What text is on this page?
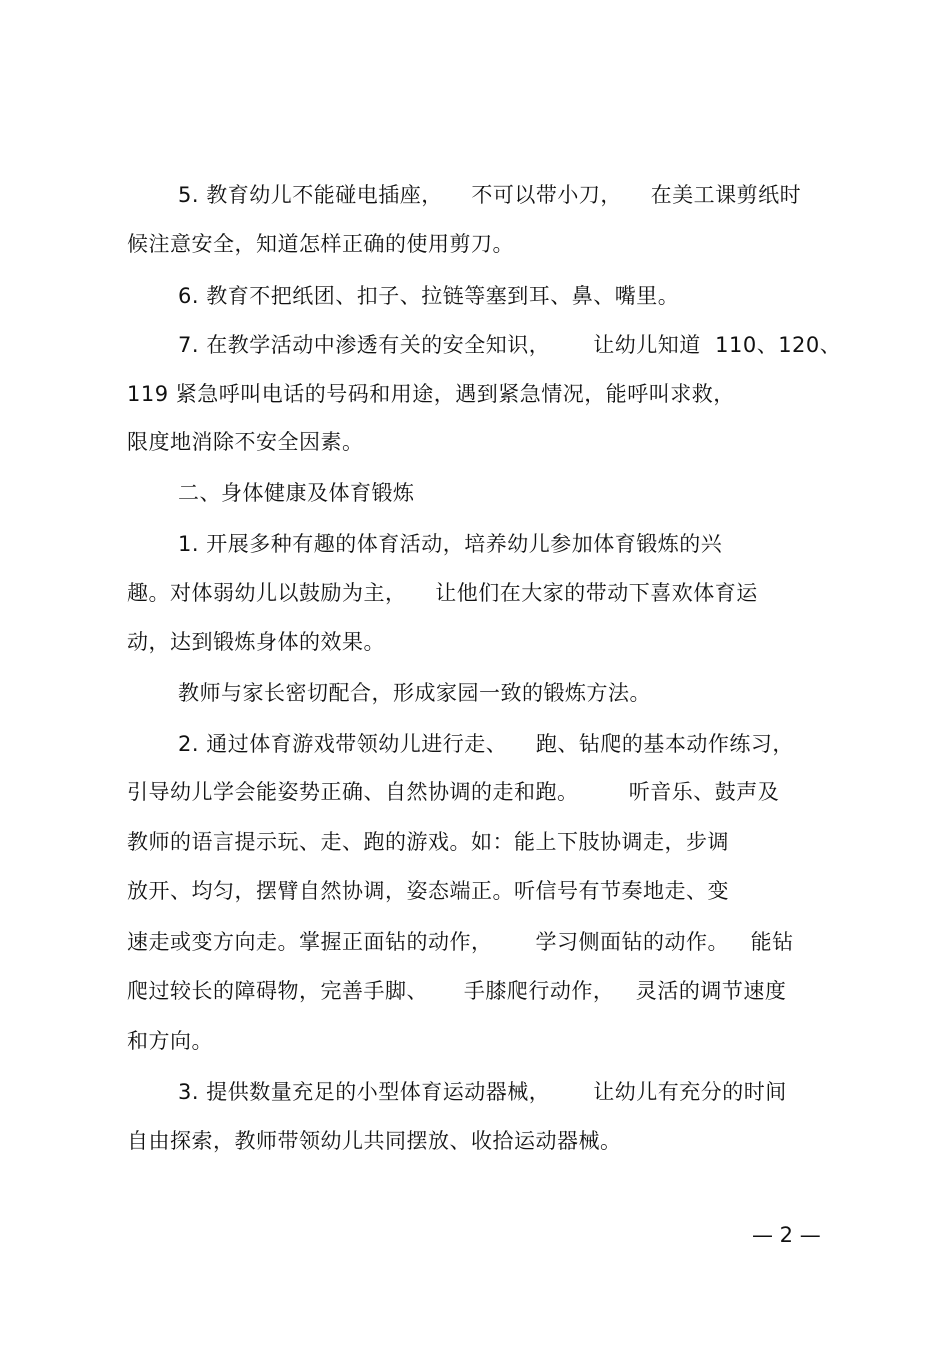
5. 教育幼儿不能碰电插座，    不可以带小刀，    在美工课剪纸时
候注意安全，知道怎样正确的使用剪刀。
6. 教育不把纸团、扣子、拉链等塞到耳、鼻、嘴里。
7. 在教学活动中渗透有关的安全知识，      让幼儿知道  110、120、
119 紧急呼叫电话的号码和用途，遇到紧急情况，能呼叫求救，
限度地消除不安全因素。
二、身体健康及体育锻炼
1. 开展多种有趣的体育活动，培养幼儿参加体育锻炼的兴
趣。对体弱幼儿以鼓励为主，    让他们在大家的带动下喜欢体育运
动，达到锻炼身体的效果。
教师与家长密切配合，形成家园一致的锻炼方法。
2. 通过体育游戏带领幼儿进行走、    跑、钻爬的基本动作练习，
引导幼儿学会能姿势正确、自然协调的走和跑。       听音乐、鼓声及
教师的语言提示玩、走、跑的游戏。如：能上下肢协调走，步调
放开、均匀，摆臂自然协调，姿态端正。听信号有节奏地走、变
速走或变方向走。掌握正面钻的动作，      学习侧面钻的动作。   能钻
爬过较长的障碍物，完善手脚、     手膝爬行动作，   灵活的调节速度
和方向。
3. 提供数量充足的小型体育运动器械，      让幼儿有充分的时间
自由探索，教师带领幼儿共同摆放、收拾运动器械。
— 2 —
